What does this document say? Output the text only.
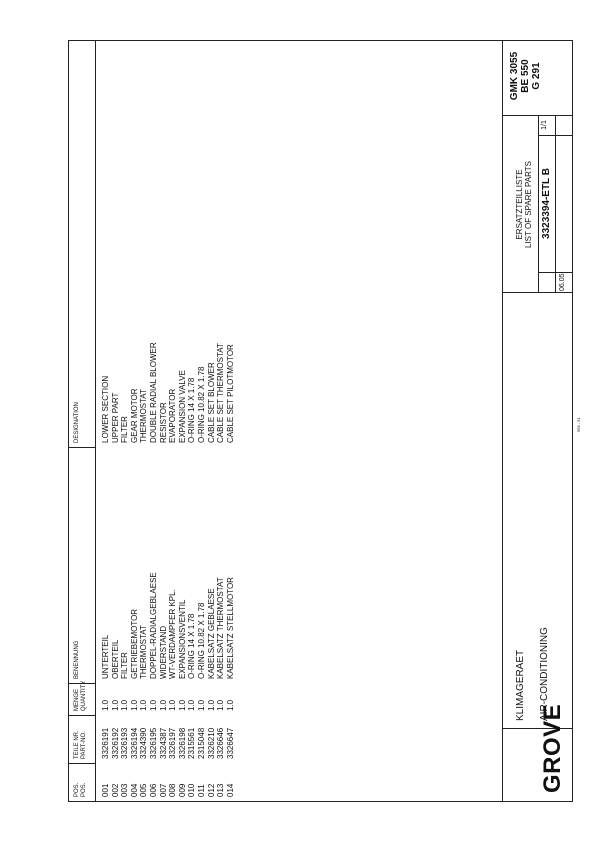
POS. POS.
TEILE NR. PART-NO.
MENGE QUANTITY
BENENNUNG
DESIGNATION
001
3326191
1.0
UNTERTEIL
LOWER SECTION
002
3326192
1.0
OBERTEIL
UPPER PART
003
3326193
1.0
FILTER
FILTER
004
3326194
1.0
GETRIEBEMOTOR
GEAR MOTOR
005
3324390
1.0
THERMOSTAT
THERMOSTAT
006
3326195
1.0
DOPPEL-RADIALGEBLAESE
DOUBLE RADIAL BLOWER
007
3324387
1.0
WIDERSTAND
RESISTOR
008
3326197
1.0
WT-VERDAMPFER KPL.
EVAPORATOR
009
3326198
1.0
EXPANSIONSVENTIL
EXPANSION VALVE
010
2315561
1.0
O-RING 14 X 1.78
O-RING 14 X 1.78
011
2315048
1.0
O-RING 10.82 X 1.78
O-RING 10.82 X 1.78
012
3326210
1.0
KABELSATZ GEBLAESE
CABLE SET BLOWER
013
3326646
1.0
KABELSATZ THERMOSTAT
CABLE SET THERMOSTAT
014
3326647
1.0
KABELSATZ STELLMOTOR
CABLE SET PILOTMOTOR
GROVE
KLIMAGERAET AIR-CONDITIONING
ERSATZTEILLISTE LIST OF SPARE PARTS
06.05
3323394-ETL B
1/1
GMK 3055 BE 550 G 291
556 - 51
